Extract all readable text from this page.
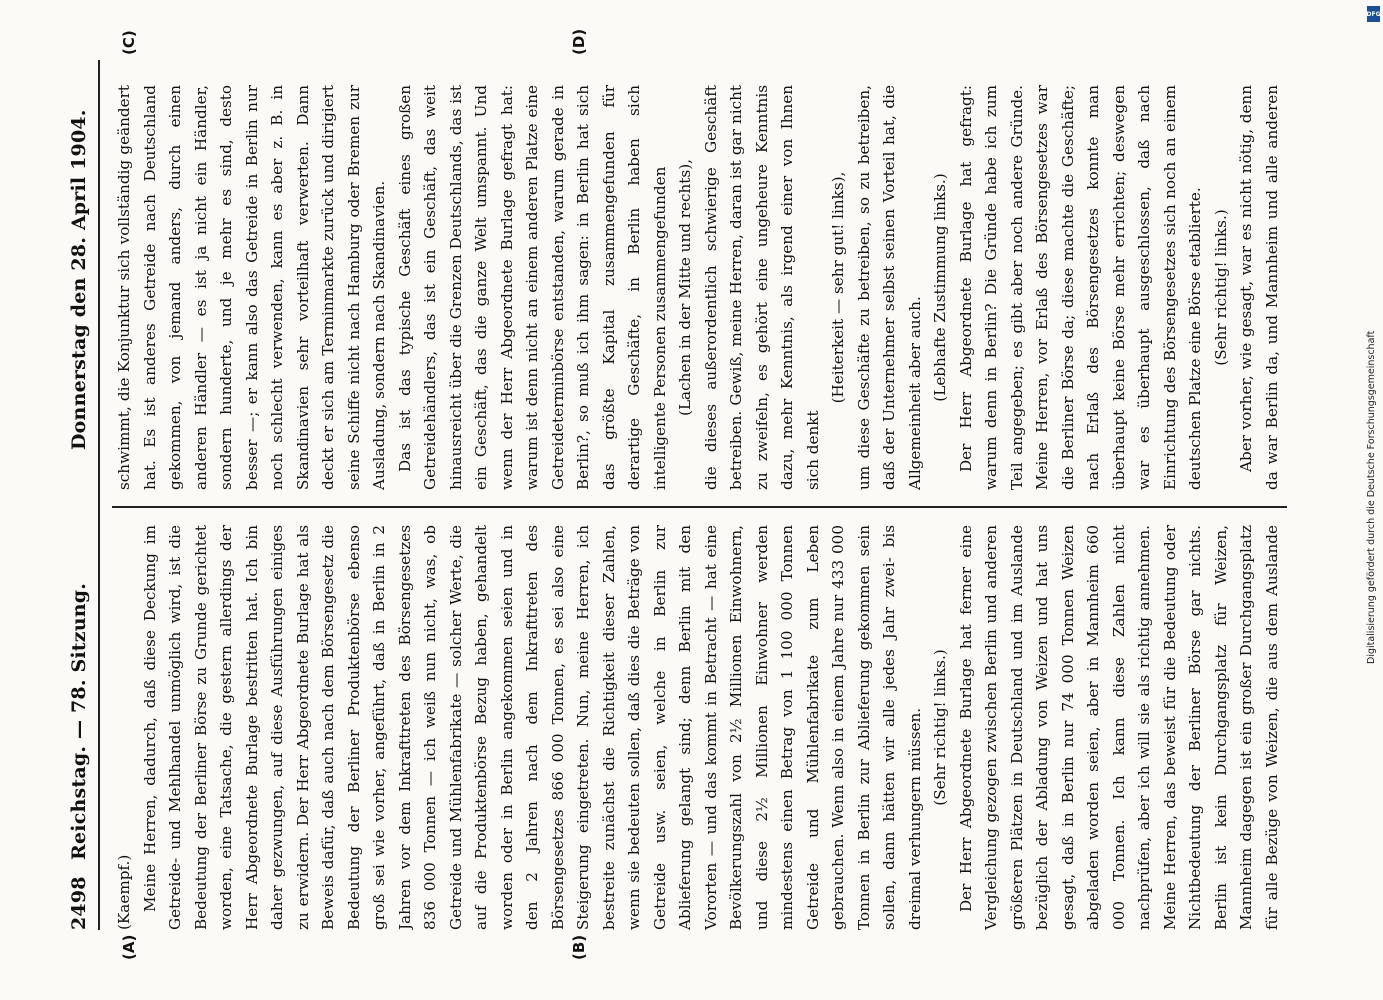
2498
Reichstag. — 78. Sitzung.
Donnerstag den 28. April 1904.

(Kaempf.) Meine Herren, dadurch, daß diese Deckung im Getreide- und Mehlhandel unmöglich wird, ist die Bedeutung der Berliner Börse zu Grunde gerichtet worden, eine Tatsache, die gestern allerdings der Herr Abgeordnete Burlage bestritten hat. Ich bin daher gezwungen, auf diese Ausführungen einiges zu erwidern. Der Herr Abgeordnete Burlage hat als Beweis dafür, daß auch nach dem Börsengesetz die Bedeutung der Berliner Produktenbörse ebenso groß sei wie vorher, angeführt, daß in Berlin in 2 Jahren vor dem Inkrafttreten des Börsengesetzes 836 000 Tonnen — ich weiß nun nicht, was, ob Getreide und Mühlenfabrikate — solcher Werte, die auf die Produktenbörse Bezug haben, gehandelt worden oder in Berlin angekommen seien und in den 2 Jahren nach dem Inkrafttreten des Börsengesetzes 866 000 Tonnen, es sei also eine Steigerung eingetreten. Nun, meine Herren, ich bestreite zunächst die Richtigkeit dieser Zahlen, wenn sie bedeuten sollen, daß dies die Beträge von Getreide usw. seien, welche in Berlin zur Ablieferung gelangt sind; denn Berlin mit den Vororten — und das kommt in Betracht — hat eine Bevölkerungszahl von 2½ Millionen Einwohnern, und diese 2½ Millionen Einwohner werden mindestens einen Betrag von 1 100 000 Tonnen Getreide und Mühlenfabrikate zum Leben gebrauchen. Wenn also in einem Jahre nur 433 000 Tonnen in Berlin zur Ablieferung gekommen sein sollen, dann hätten wir alle jedes Jahr zwei- bis dreimal verhungern müssen. (Sehr richtig! links.)

Der Herr Abgeordnete Burlage hat ferner eine Vergleichung gezogen zwischen Berlin und anderen größeren Plätzen in Deutschland und im Auslande bezüglich der Abladung von Weizen und hat uns gesagt, daß in Berlin nur 74 000 Tonnen Weizen abgeladen worden seien, aber in Mannheim 660 000 Tonnen. Ich kann diese Zahlen nicht nachprüfen, aber ich will sie als richtig annehmen. Meine Herren, das beweist für die Bedeutung oder Nichtbedeutung der Berliner Börse gar nichts. Berlin ist kein Durchgangsplatz für Weizen, Mannheim dagegen ist ein großer Durchgangsplatz für alle Bezüge von Weizen, die aus dem Auslande

schwimmt, die Konjunktur sich vollständig geändert hat. Es ist anderes Getreide nach Deutschland gekommen, von jemand anders, durch einen anderen Händler — es ist ja nicht ein Händler, sondern hunderte, und je mehr es sind, desto besser —; er kann also das Getreide in Berlin nur noch schlecht verwenden, kann es aber z. B. in Skandinavien sehr vorteilhaft verwerten. Dann deckt er sich am Terminmarkte zurück und dirigiert seine Schiffe nicht nach Hamburg oder Bremen zur Ausladung, sondern nach Skandinavien. Das ist das typische Geschäft eines großen Getreidehändlers, das ist ein Geschäft, das weit hinausreicht über die Grenzen Deutschlands, das ist ein Geschäft, das die ganze Welt umspannt. Und wenn der Herr Abgeordnete Burlage gefragt hat: warum ist denn nicht an einem anderen Platze eine Getreideterminbörse entstanden, warum gerade in Berlin?, so muß ich ihm sagen: in Berlin hat sich das größte Kapital zusammengefunden für derartige Geschäfte, in Berlin haben sich intelligente Personen zusammengefunden (Lachen in der Mitte und rechts), die dieses außerordentlich schwierige Geschäft betreiben. Gewiß, meine Herren, daran ist gar nicht zu zweifeln, es gehört eine ungeheure Kenntnis dazu, mehr Kenntnis, als irgend einer von Ihnen sich denkt

(Heiterkeit — sehr gut! links), um diese Geschäfte zu betreiben, so zu betreiben, daß der Unternehmer selbst seinen Vorteil hat, die Allgemeinheit aber auch. (Lebhafte Zustimmung links.) Der Herr Abgeordnete Burlage hat gefragt: warum denn in Berlin? Die Gründe habe ich zum Teil angegeben; es gibt aber noch andere Gründe. Meine Herren, vor Erlaß des Börsengesetzes war die Berliner Börse da; diese machte die Geschäfte; nach Erlaß des Börsengesetzes konnte man überhaupt keine Börse mehr errichten; deswegen war es überhaupt ausgeschlossen, daß nach Einrichtung des Börsengesetzes sich noch an einem deutschen Platze eine Börse etablierte. (Sehr richtig! links.)

Aber vorher, wie gesagt, war es nicht nötig, denn da war Berlin da, und Mannheim und alle anderen

(A)	(B)
(C)	(D)
DFG
Digitalisierung gefördert durch die Deutsche Forschungsgemeinschaft
